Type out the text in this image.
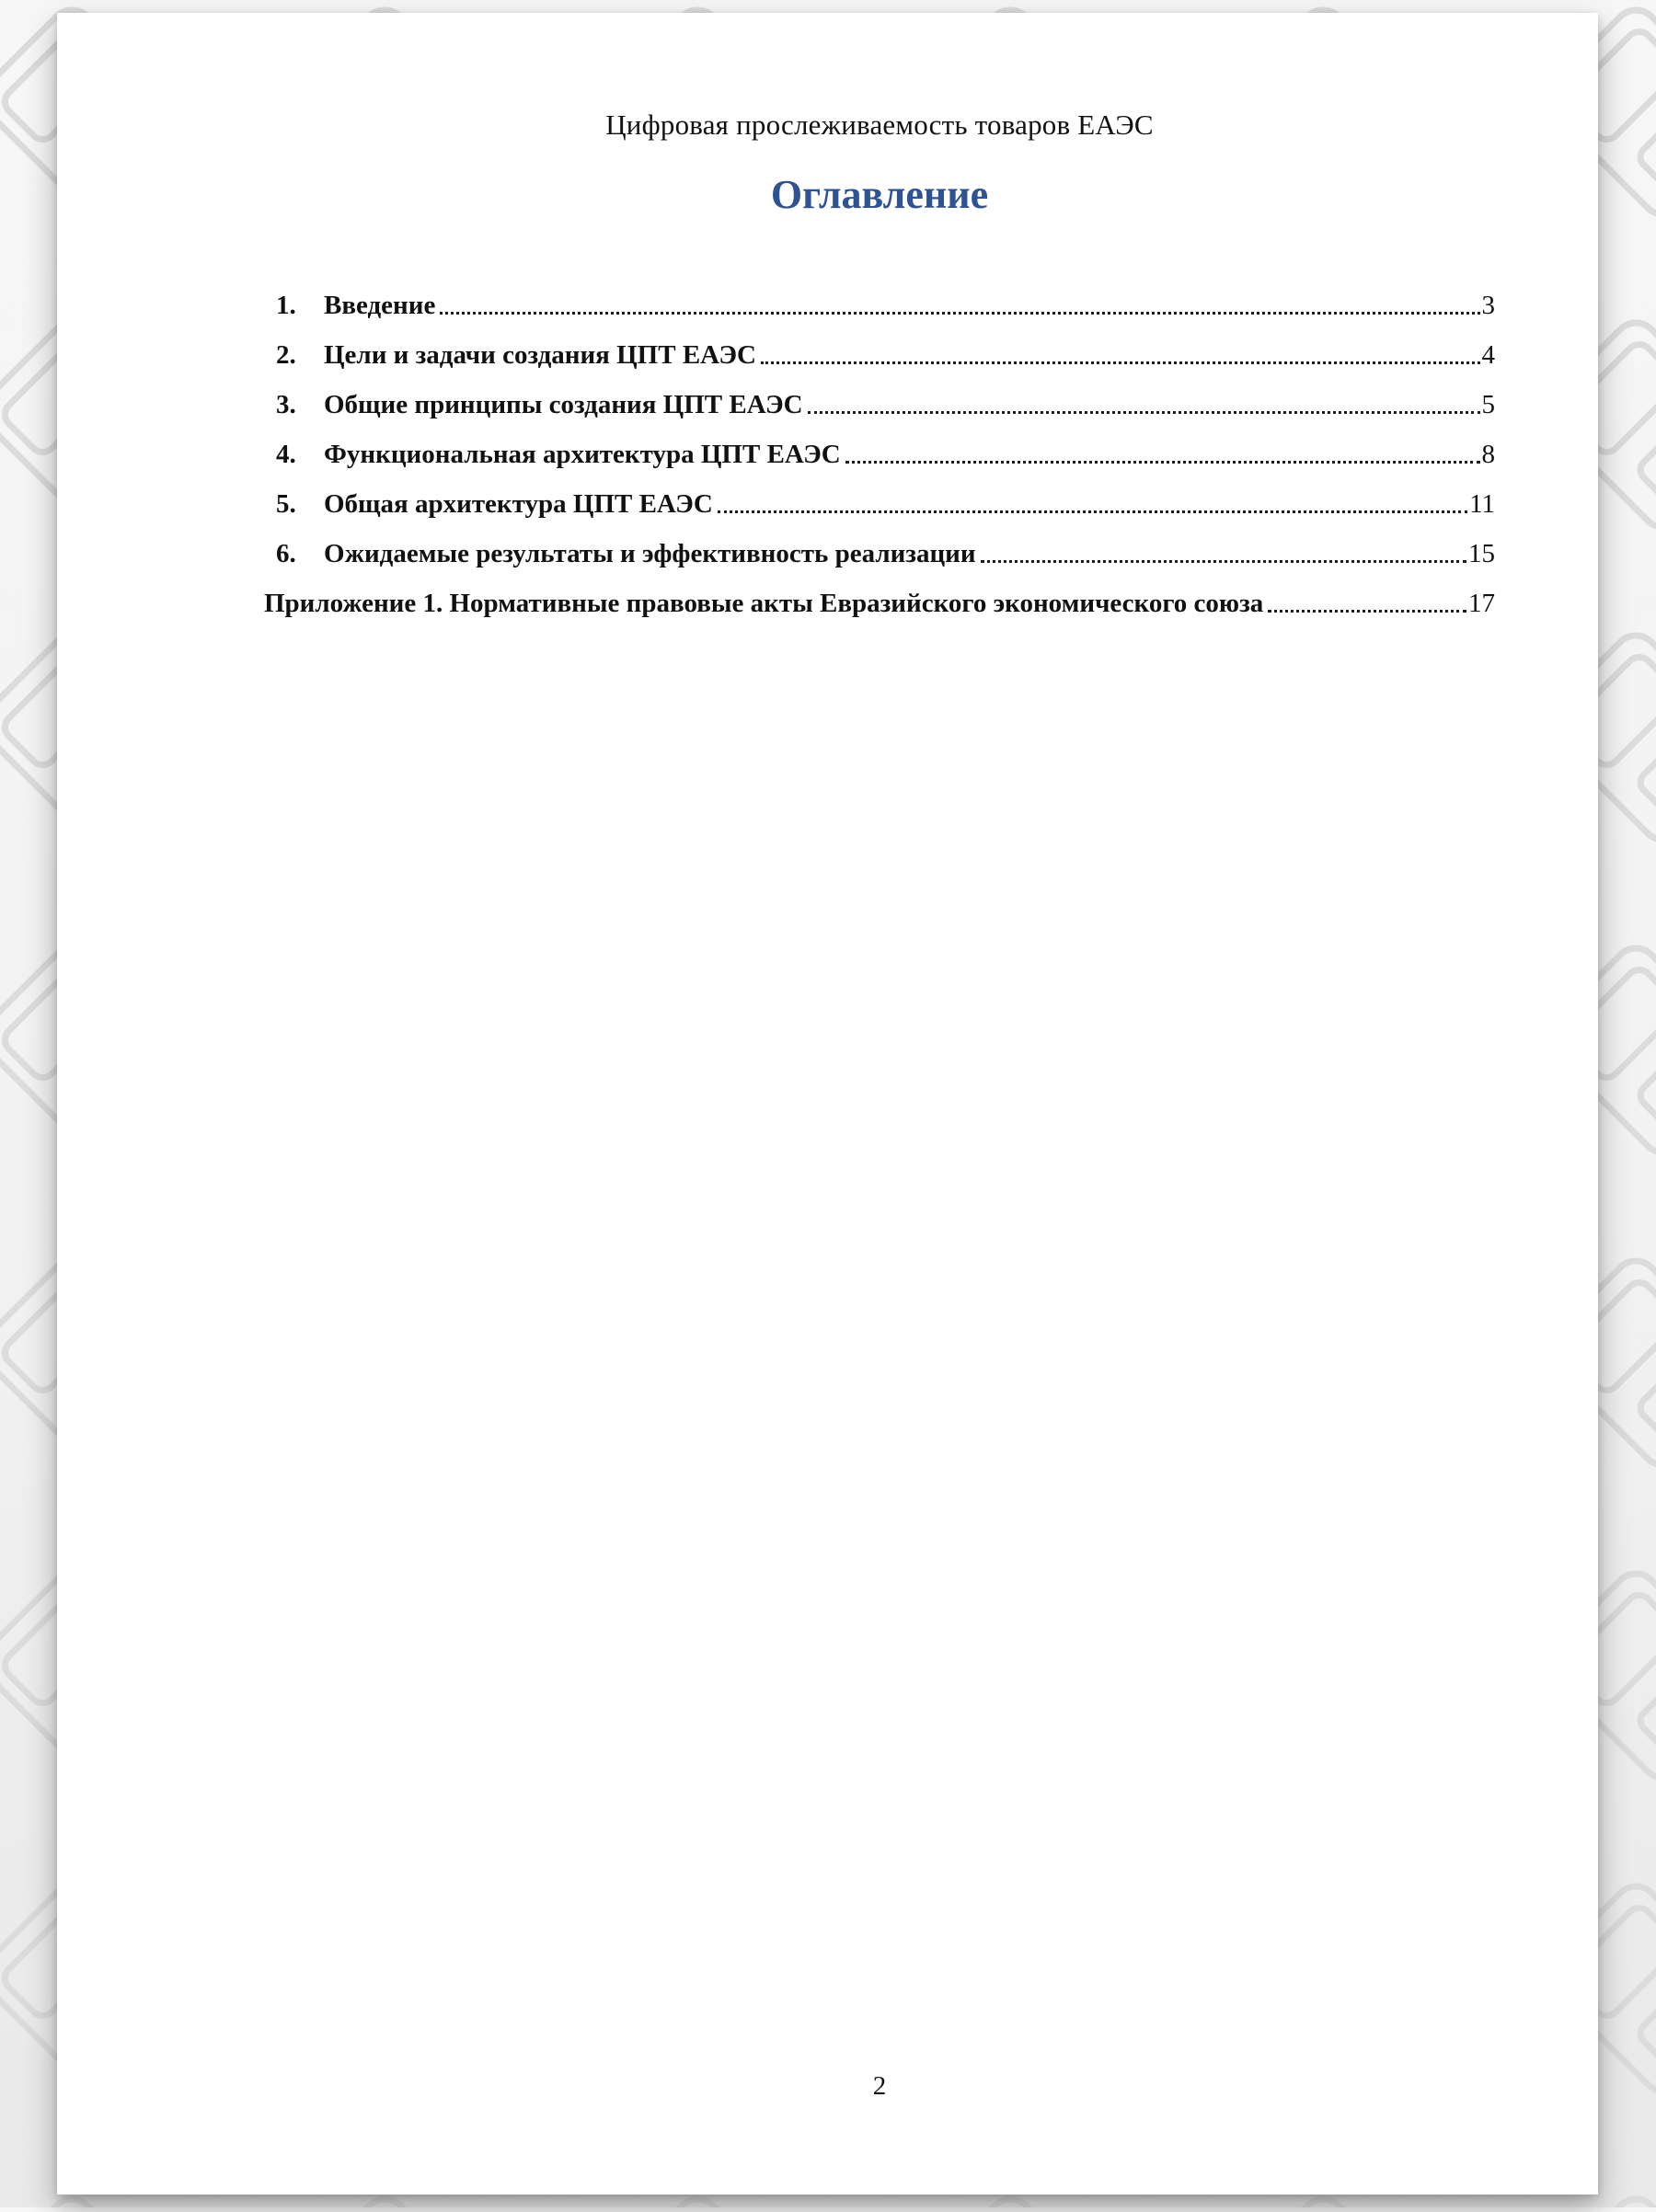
Цифровая прослеживаемость товаров ЕАЭС
Оглавление
1.	Введение	3
2.	Цели и задачи создания ЦПТ ЕАЭС	4
3.	Общие принципы создания ЦПТ ЕАЭС	5
4.	Функциональная архитектура ЦПТ ЕАЭС	8
5.	Общая архитектура ЦПТ ЕАЭС	11
6.	Ожидаемые результаты и эффективность реализации	15
Приложение 1. Нормативные правовые акты Евразийского экономического союза	17
2
